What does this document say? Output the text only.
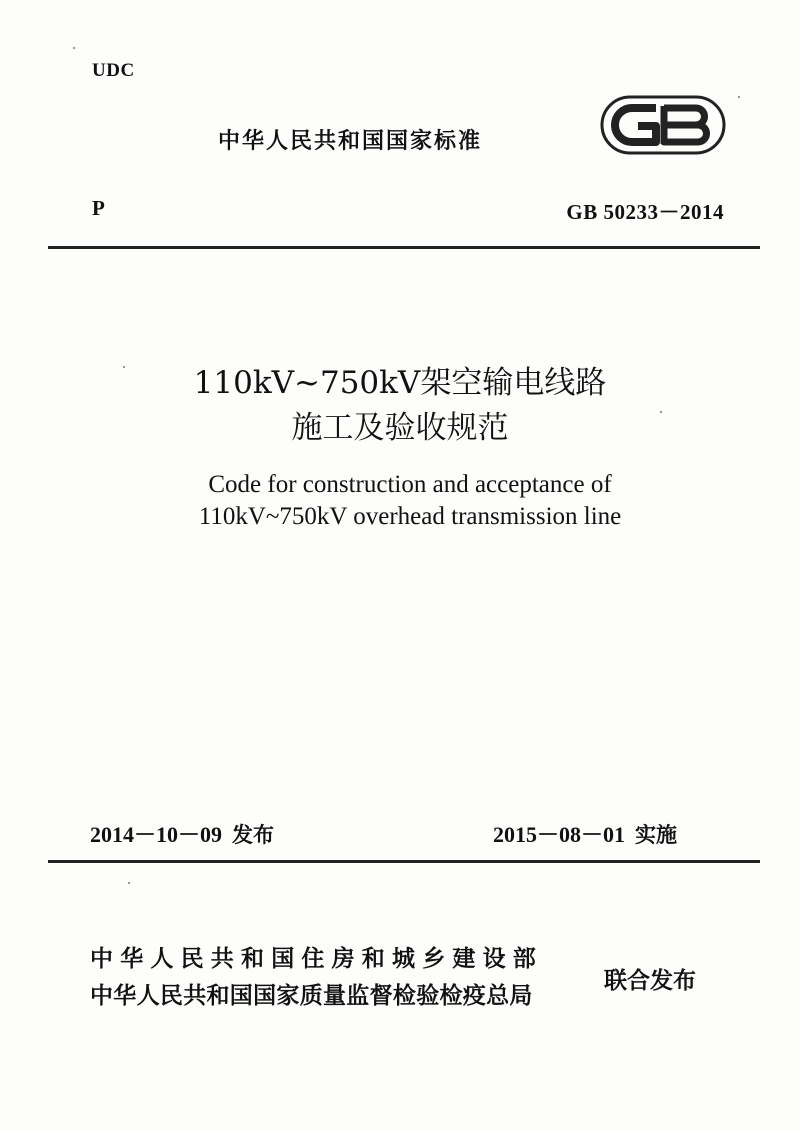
UDC
中华人民共和国国家标准
P	GB 50233－2014
110kV~750kV架空输电线路
施工及验收规范
Code for construction and acceptance of
110kV~750kV overhead transmission line
2014－10－09 发布	2015－08－01 实施
中华人民共和国住房和城乡建设部
中华人民共和国国家质量监督检验检疫总局
联合发布
